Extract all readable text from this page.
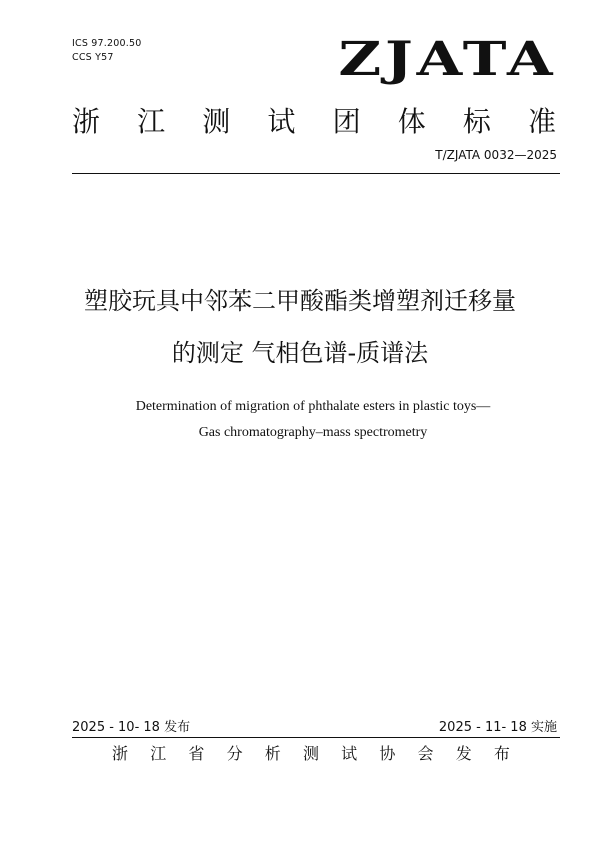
ICS 97.200.50
CCS Y57	ZJATA
浙 江 测 试 团 体 标 准
T/ZJATA 0032—2025
塑胶玩具中邻苯二甲酸酯类增塑剂迁移量
的测定 气相色谱-质谱法
Determination of migration of phthalate esters in plastic toys—
Gas chromatography–mass spectrometry
2025 - 10- 18 发布	2025 - 11- 18 实施
浙 江 省 分 析 测 试 协 会 发 布
